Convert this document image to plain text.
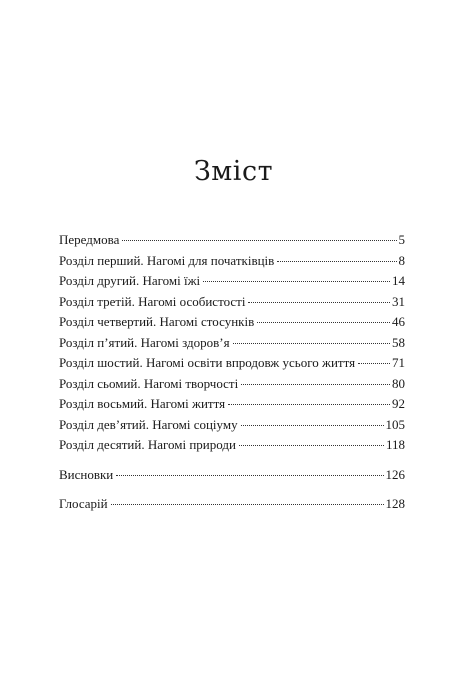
Зміст
Передмова	5
Розділ перший. Нагомі для початківців	8
Розділ другий. Нагомі їжі	14
Розділ третій. Нагомі особистості	31
Розділ четвертий. Нагомі стосунків	46
Розділ п’ятий. Нагомі здоров’я	58
Розділ шостий. Нагомі освіти впродовж усього життя	71
Розділ сьомий. Нагомі творчості	80
Розділ восьмий. Нагомі життя	92
Розділ дев’ятий. Нагомі соціуму	105
Розділ десятий. Нагомі природи	118
Висновки	126
Глосарій	128
